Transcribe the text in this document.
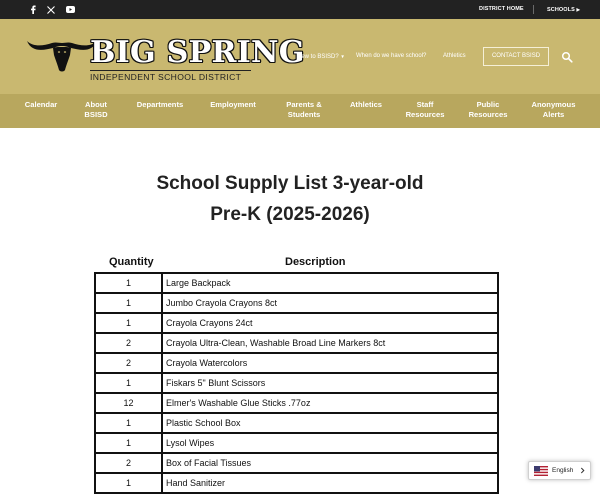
DISTRICT HOME	SCHOOLS ▶
BIG SPRING
INDEPENDENT SCHOOL DISTRICT
New to BSISD? ▼ When do we have school?	Athletics	CONTACT BSISD
Calendar	About
BSISD
Departments	Employment	Parents &
Students
Athletics	Staff
Resources
Public
Resources
Anonymous
Alerts
School Supply List 3-year-old
Pre-K (2025-2026)
Quantity	Description
1	Large Backpack
1	Jumbo Crayola Crayons 8ct
1	Crayola Crayons 24ct
2	Crayola Ultra-Clean, Washable Broad Line Markers 8ct
2	Crayola Watercolors
1	Fiskars 5" Blunt Scissors
12	Elmer's Washable Glue Sticks .77oz
1	Plastic School Box
1	Lysol Wipes
2	Box of Facial Tissues
1	Hand Sanitizer
English
